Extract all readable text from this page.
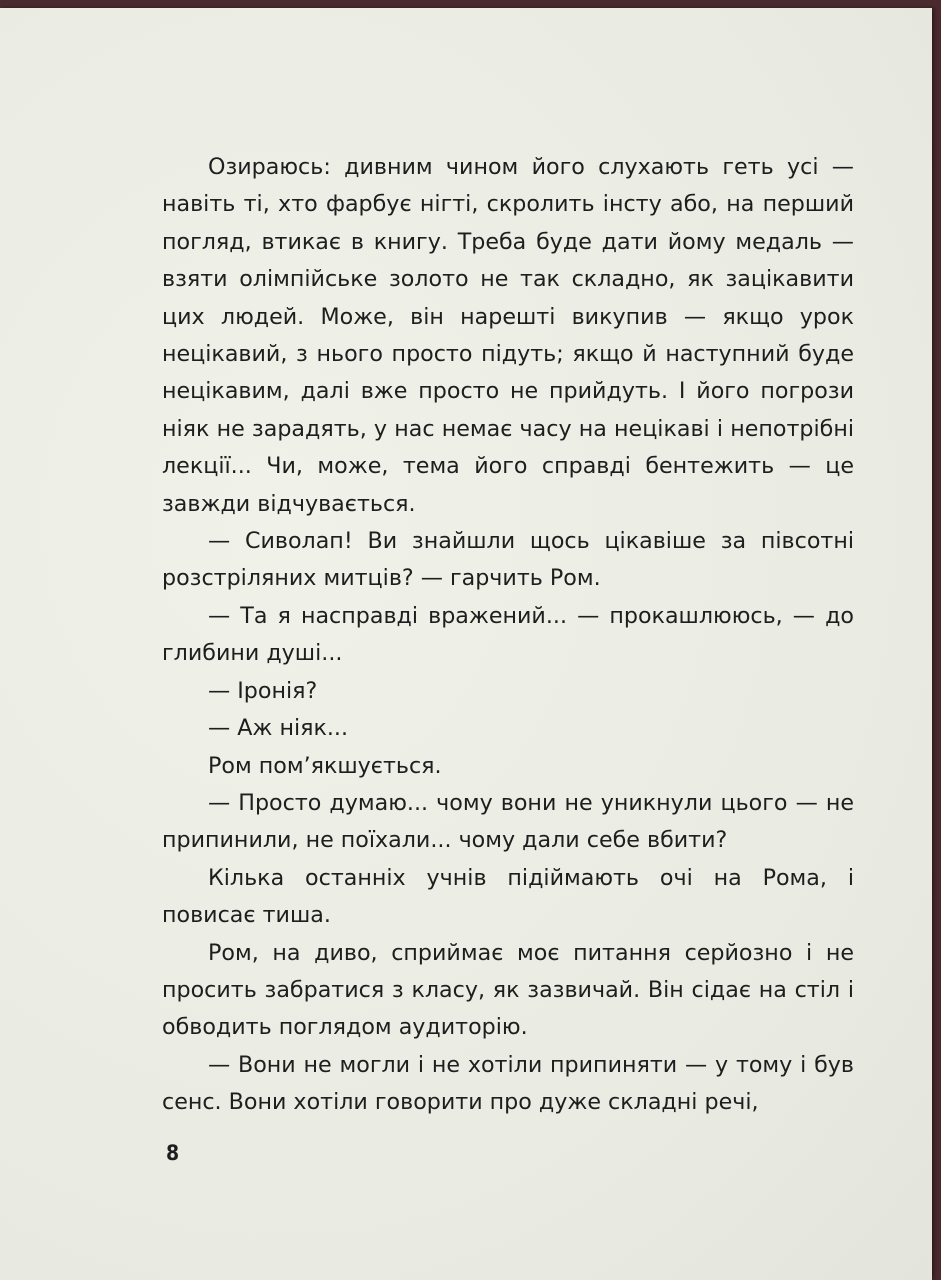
Озираюсь: дивним чином його слухають геть усі — навіть ті, хто фарбує нігті, скролить інсту або, на перший погляд, втикає в книгу. Треба буде дати йому медаль — взяти олімпійське золото не так складно, як зацікавити цих людей. Може, він нарешті викупив — якщо урок нецікавий, з нього просто підуть; якщо й наступний буде нецікавим, далі вже просто не прийдуть. І його погрози ніяк не зарадять, у нас немає часу на нецікаві і непотрібні лекції... Чи, може, тема його справді бентежить — це завжди відчувається.

— Сиволап! Ви знайшли щось цікавіше за півсотні розстріляних митців? — гарчить Ром.

— Та я насправді вражений... — прокашлююсь, — до глибини душі...

— Іронія?

— Аж ніяк...

Ром пом’якшується.

— Просто думаю... чому вони не уникнули цього — не припинили, не поїхали... чому дали себе вбити?

Кілька останніх учнів підіймають очі на Рома, і повисає тиша.

Ром, на диво, сприймає моє питання серйозно і не просить забратися з класу, як зазвичай. Він сідає на стіл і обводить поглядом аудиторію.

— Вони не могли і не хотіли припиняти — у тому і був сенс. Вони хотіли говорити про дуже складні речі,

8
